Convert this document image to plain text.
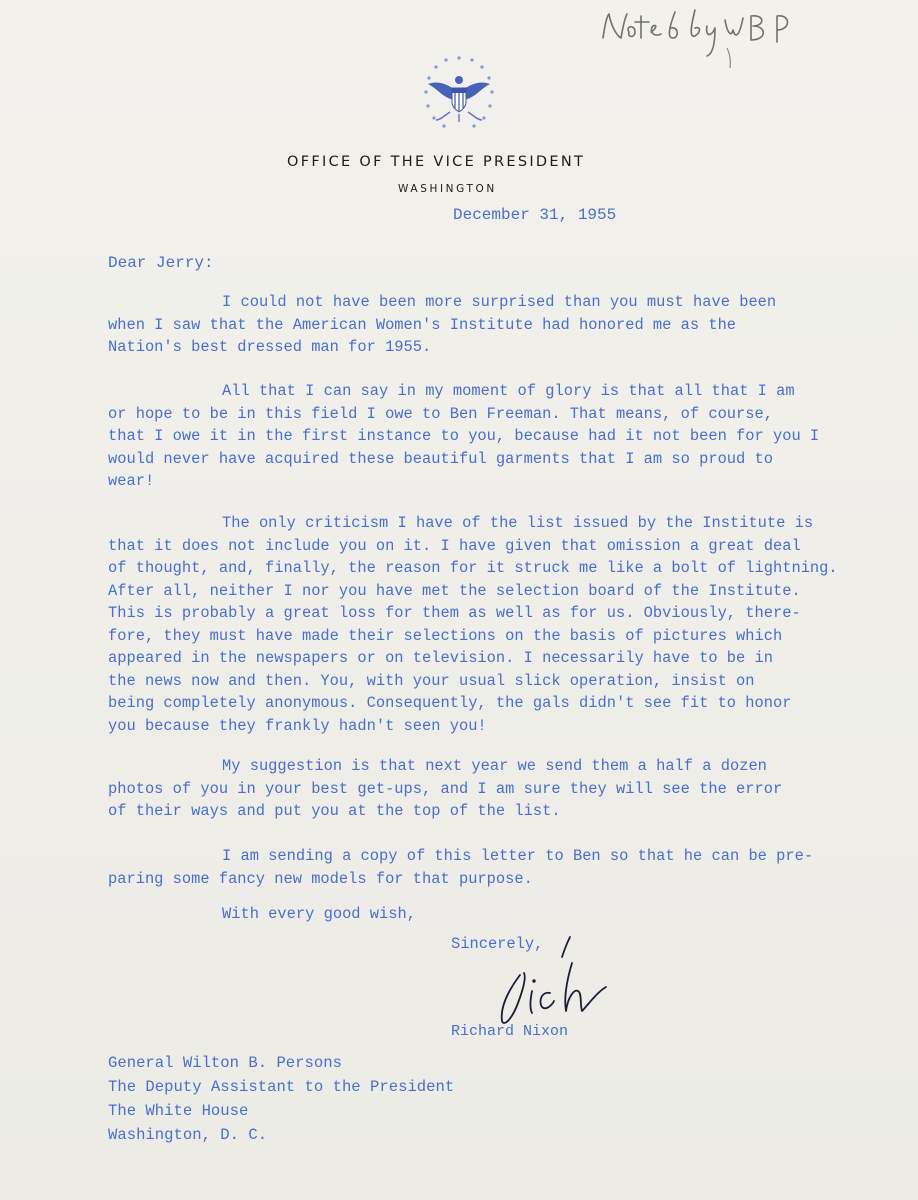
OFFICE OF THE VICE PRESIDENT
WASHINGTON
December 31, 1955
Dear Jerry:

I could not have been more surprised than you must have been
when I saw that the American Women's Institute had honored me as the
Nation's best dressed man for 1955.

All that I can say in my moment of glory is that all that I am
or hope to be in this field I owe to Ben Freeman. That means, of course,
that I owe it in the first instance to you, because had it not been for you I
would never have acquired these beautiful garments that I am so proud to
wear!

The only criticism I have of the list issued by the Institute is
that it does not include you on it. I have given that omission a great deal
of thought, and, finally, the reason for it struck me like a bolt of lightning.
After all, neither I nor you have met the selection board of the Institute.
This is probably a great loss for them as well as for us. Obviously, there-
fore, they must have made their selections on the basis of pictures which
appeared in the newspapers or on television. I necessarily have to be in
the news now and then. You, with your usual slick operation, insist on
being completely anonymous. Consequently, the gals didn't see fit to honor
you because they frankly hadn't seen you!

My suggestion is that next year we send them a half a dozen
photos of you in your best get-ups, and I am sure they will see the error
of their ways and put you at the top of the list.

I am sending a copy of this letter to Ben so that he can be pre-
paring some fancy new models for that purpose.

With every good wish,
Sincerely,
Richard Nixon
General Wilton B. Persons
The Deputy Assistant to the President
The White House
Washington, D. C.
